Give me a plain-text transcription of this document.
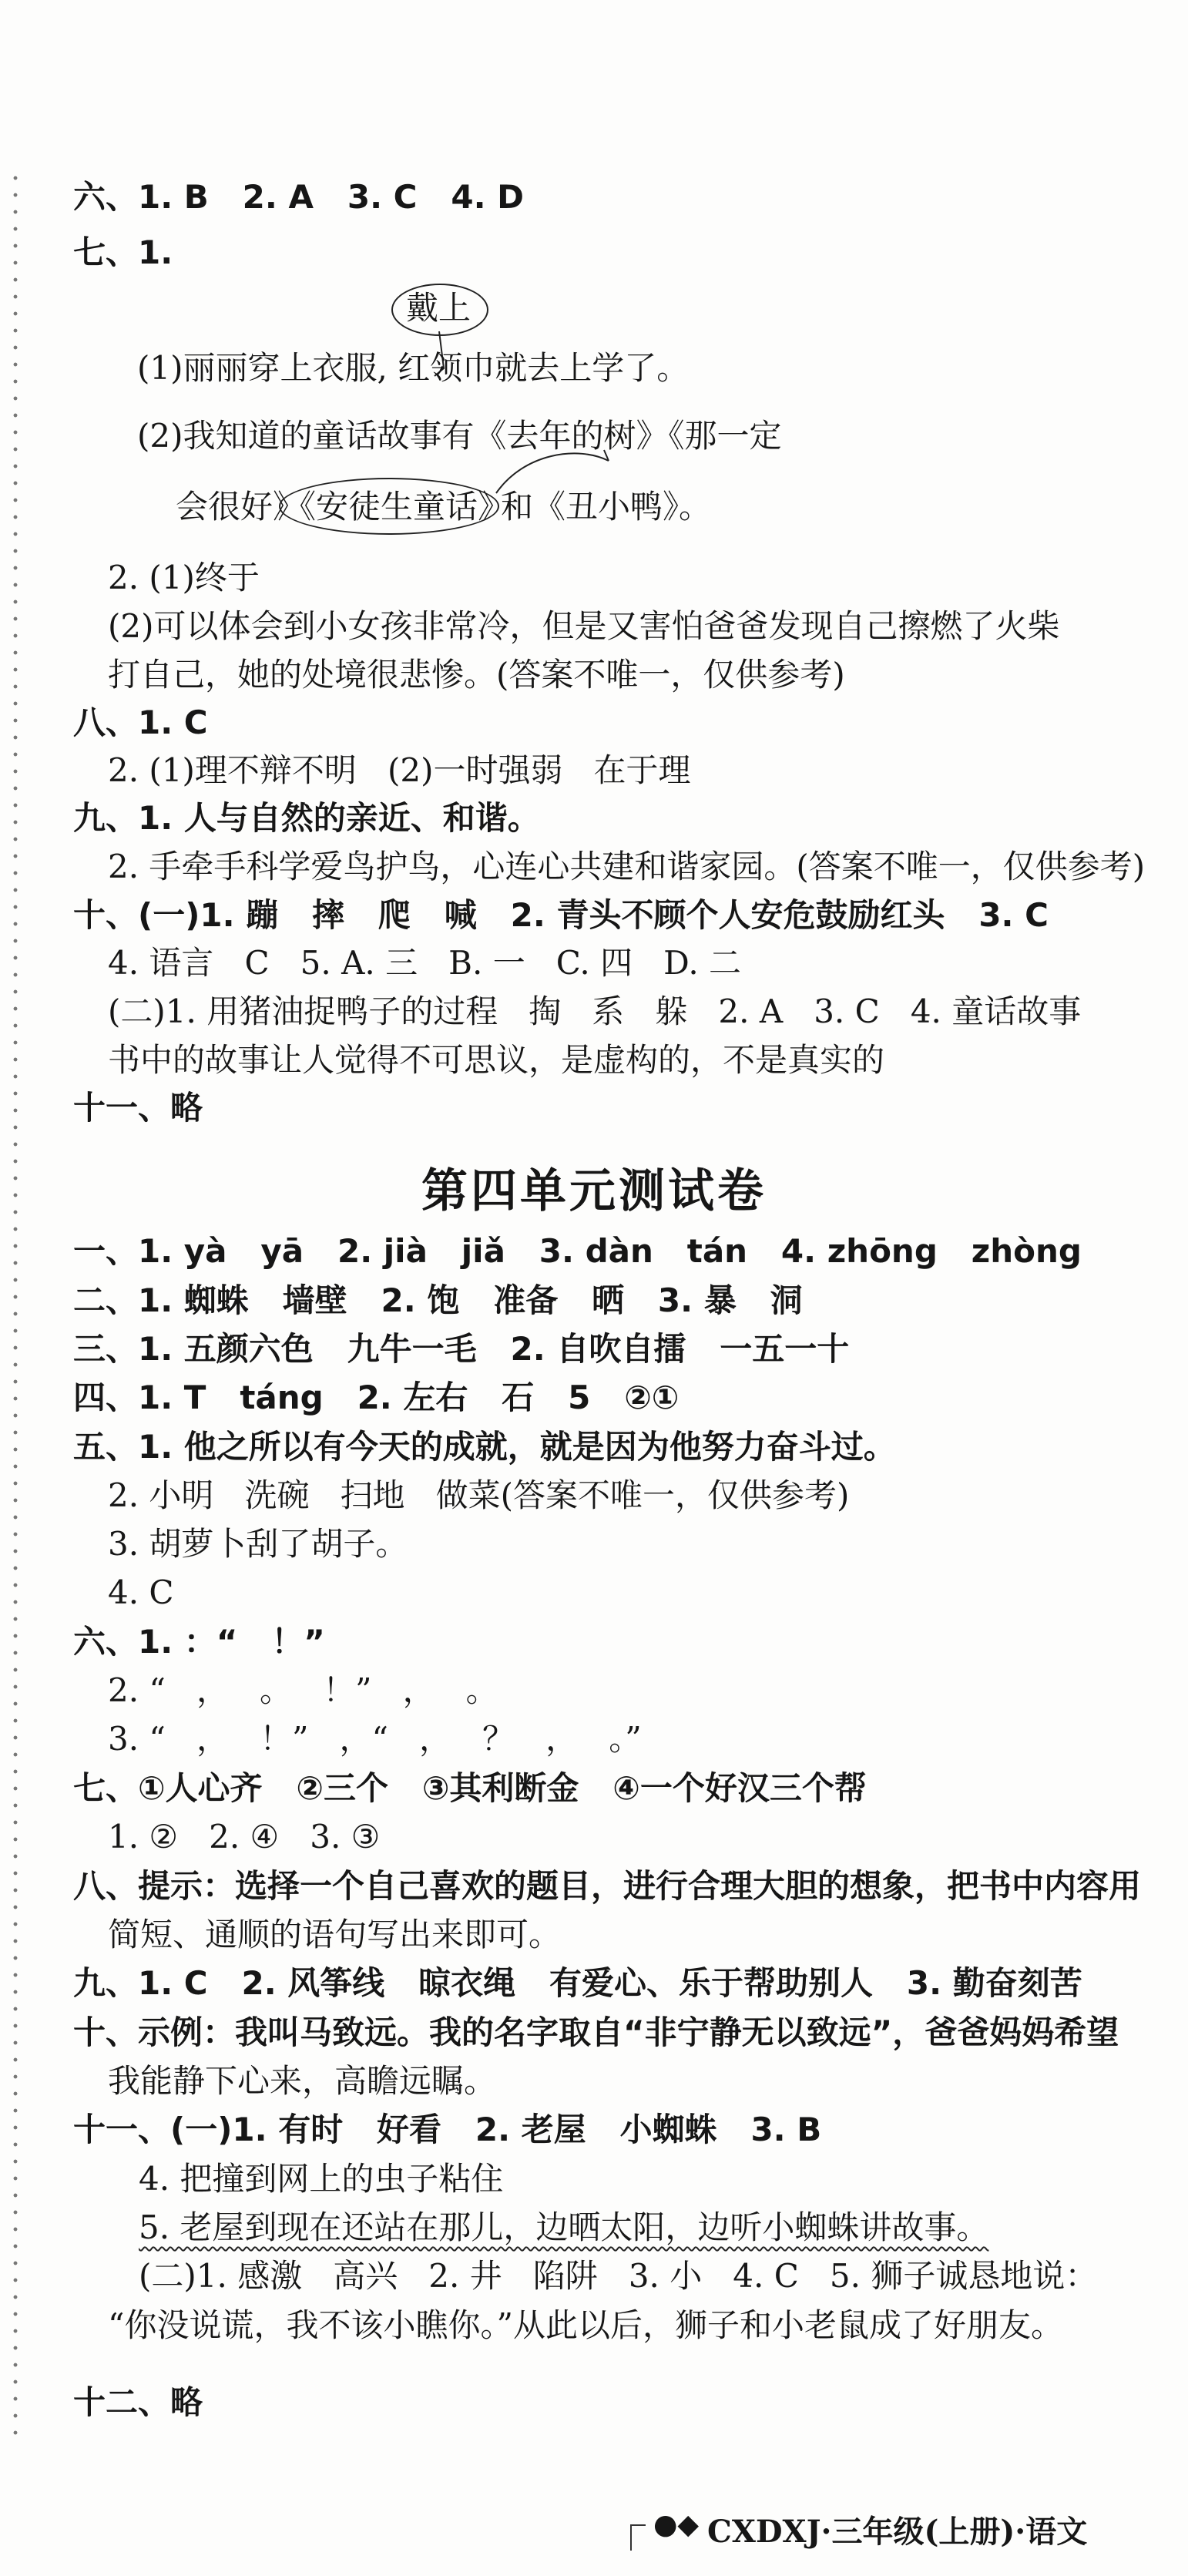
六、1. B   2. A   3. C   4. D
七、1.
戴上
(1)丽丽穿上衣服, 红领巾就去上学了。
(2)我知道的童话故事有《去年的树》《那一定
会很好》
《安徒生童话》
和《丑小鸭》。
2. (1)终于
(2)可以体会到小女孩非常冷，但是又害怕爸爸发现自己擦燃了火柴
打自己，她的处境很悲惨。(答案不唯一，仅供参考)
八、1. C
2. (1)理不辩不明   (2)一时强弱   在于理
九、1. 人与自然的亲近、和谐。
2. 手牵手科学爱鸟护鸟，心连心共建和谐家园。(答案不唯一，仅供参考)
十、(一)1. 蹦   摔   爬   喊   2. 青头不顾个人安危鼓励红头   3. C
4. 语言   C   5. A. 三   B. 一   C. 四   D. 二
(二)1. 用猪油捉鸭子的过程   掏   系   躲   2. A   3. C   4. 童话故事
书中的故事让人觉得不可思议，是虚构的，不是真实的
十一、略
第四单元测试卷
一、1. yà   yā   2. jià   jiǎ   3. dàn   tán   4. zhōng   zhòng
二、1. 蜘蛛   墙壁   2. 饱   准备   晒   3. 暴   洞
三、1. 五颜六色   九牛一毛   2. 自吹自擂   一五一十
四、1. T   táng   2. 左右   石   5   ②①
五、1. 他之所以有今天的成就，就是因为他努力奋斗过。
2. 小明   洗碗   扫地   做菜(答案不唯一，仅供参考)
3. 胡萝卜刮了胡子。
4. C
六、1. ：“   ！”
2. “   ，   。   ！”   ，   。
3. “   ，   ！”   ，“   ，   ？   ，   。”
七、①人心齐   ②三个   ③其利断金   ④一个好汉三个帮
1. ②   2. ④   3. ③
八、提示：选择一个自己喜欢的题目，进行合理大胆的想象，把书中内容用
简短、通顺的语句写出来即可。
九、1. C   2. 风筝线   晾衣绳   有爱心、乐于帮助别人   3. 勤奋刻苦
十、示例：我叫马致远。我的名字取自“非宁静无以致远”，爸爸妈妈希望
我能静下心来，高瞻远瞩。
十一、(一)1. 有时   好看   2. 老屋   小蜘蛛   3. B
4. 把撞到网上的虫子粘住
5. 老屋到现在还站在那儿，边晒太阳，边听小蜘蛛讲故事。
(二)1. 感激   高兴   2. 井   陷阱   3. 小   4. C   5. 狮子诚恳地说：
“你没说谎，我不该小瞧你。”从此以后，狮子和小老鼠成了好朋友。
十二、略
●◆ CXDXJ·三年级(上册)·语文
